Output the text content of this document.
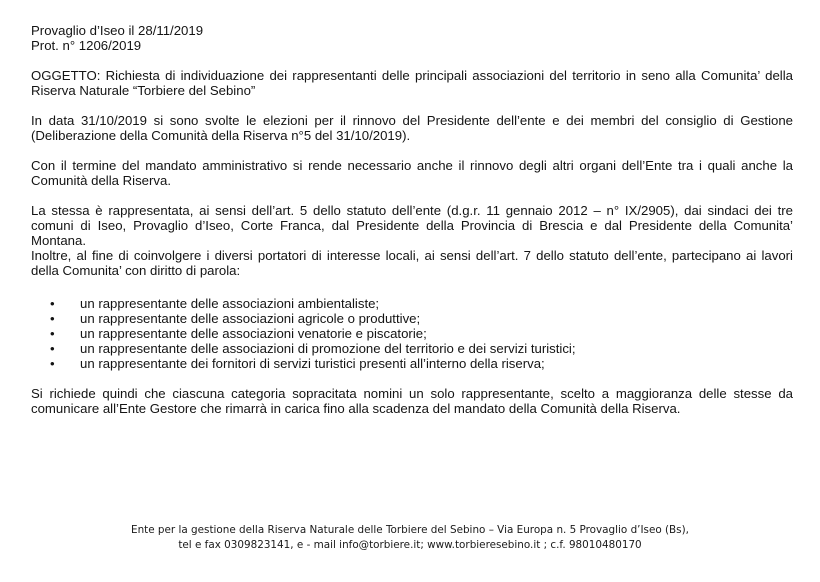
Provaglio d’Iseo il 28/11/2019
Prot. n° 1206/2019

OGGETTO: Richiesta di individuazione dei rappresentanti delle principali associazioni del territorio in seno alla Comunita’ della Riserva Naturale “Torbiere del Sebino”

In data 31/10/2019 si sono svolte le elezioni per il rinnovo del Presidente dell’ente e dei membri del consiglio di Gestione (Deliberazione della Comunità della Riserva n°5 del 31/10/2019).

Con il termine del mandato amministrativo si rende necessario anche il rinnovo degli altri organi dell’Ente tra i quali anche la Comunità della Riserva.

La stessa è rappresentata, ai sensi dell’art. 5 dello statuto dell’ente (d.g.r. 11 gennaio 2012 – n° IX/2905), dai sindaci dei tre comuni di Iseo, Provaglio d’Iseo, Corte Franca, dal Presidente della Provincia di Brescia e dal Presidente della Comunita’ Montana.

Inoltre, al fine di coinvolgere i diversi portatori di interesse locali, ai sensi dell’art. 7 dello statuto dell’ente, partecipano ai lavori della Comunita’ con diritto di parola:

• un rappresentante delle associazioni ambientaliste;
• un rappresentante delle associazioni agricole o produttive;
• un rappresentante delle associazioni venatorie e piscatorie;
• un rappresentante delle associazioni di promozione del territorio e dei servizi turistici;
• un rappresentante dei fornitori di servizi turistici presenti all’interno della riserva;

Si richiede quindi che ciascuna categoria sopracitata nomini un solo rappresentante, scelto a maggioranza delle stesse da comunicare all’Ente Gestore che rimarrà in carica fino alla scadenza del mandato della Comunità della Riserva.

Ente per la gestione della Riserva Naturale delle Torbiere del Sebino – Via Europa n. 5 Provaglio d’Iseo (Bs),
tel e fax 0309823141, e - mail info@torbiere.it; www.torbieresebino.it ; c.f. 98010480170
